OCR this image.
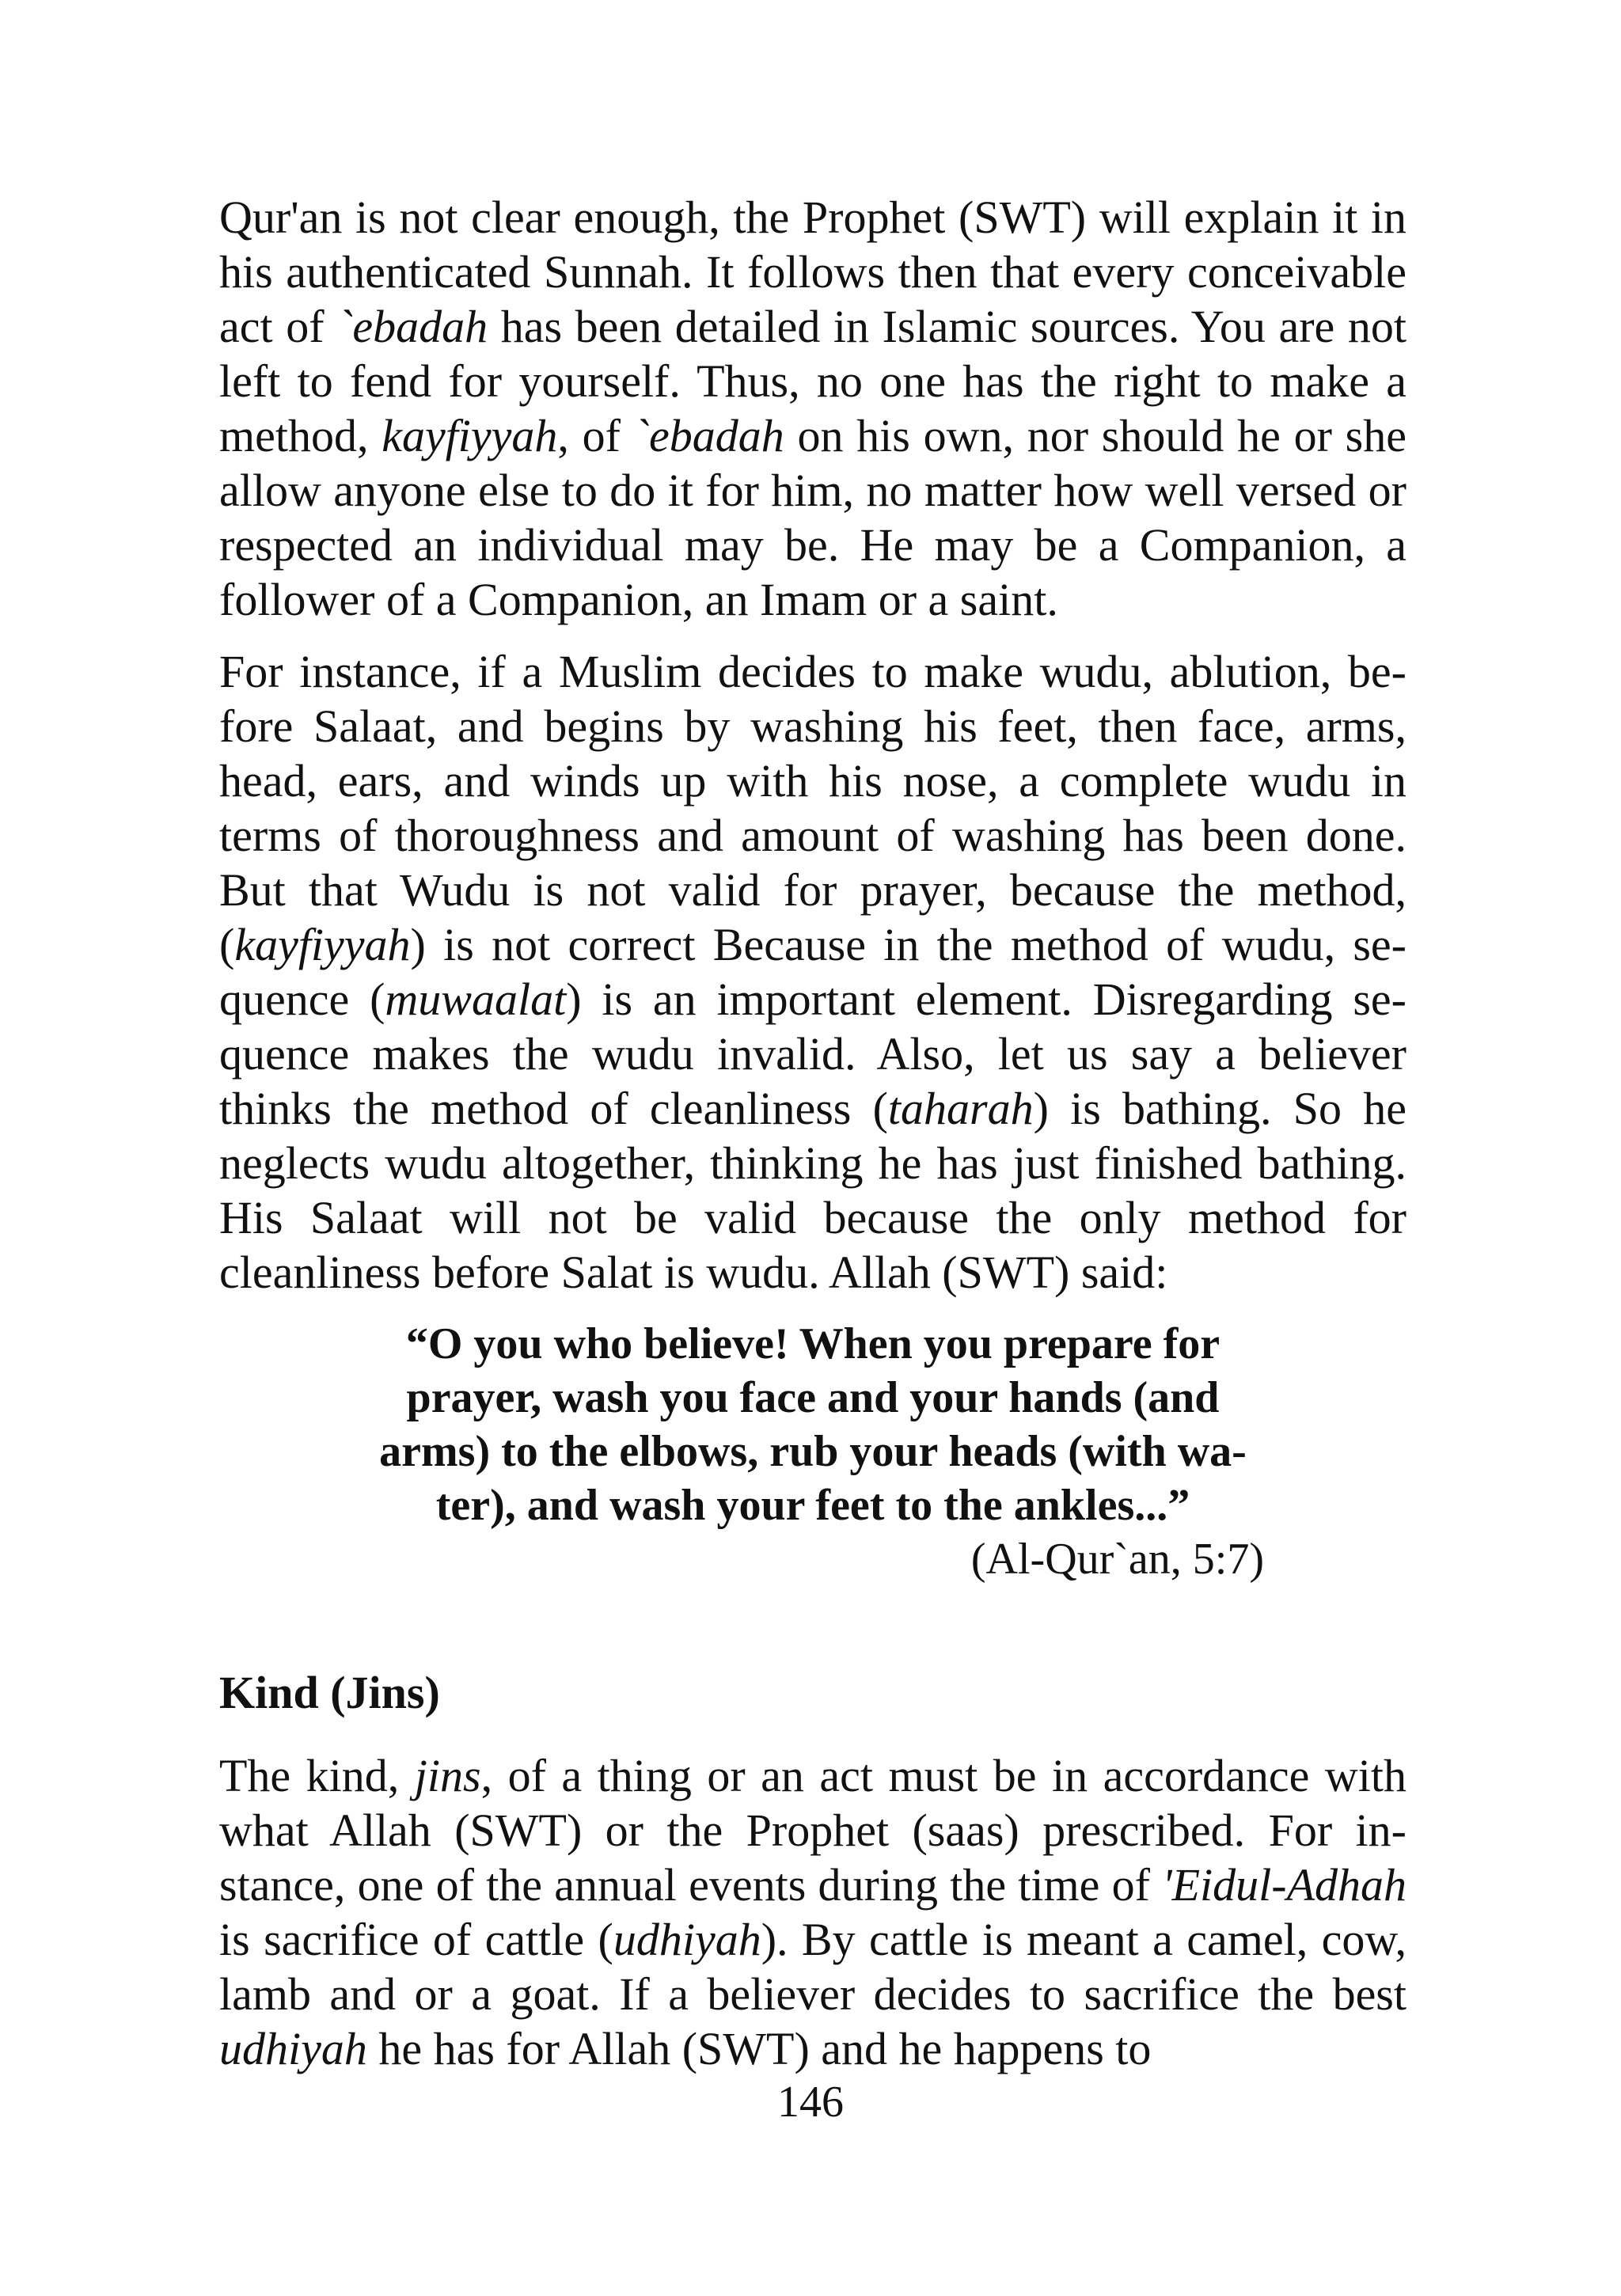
Qur'an is not clear enough, the Prophet (SWT) will explain it in his authenticated Sunnah. It follows then that every conceivable act of `ebadah has been detailed in Islamic sources. You are not left to fend for yourself. Thus, no one has the right to make a method, kayfiyyah, of `ebadah on his own, nor should he or she allow anyone else to do it for him, no matter how well versed or respected an individual may be. He may be a Companion, a follower of a Companion, an Imam or a saint.

For instance, if a Muslim decides to make wudu, ablution, before Salaat, and begins by washing his feet, then face, arms, head, ears, and winds up with his nose, a complete wudu in terms of thoroughness and amount of washing has been done. But that Wudu is not valid for prayer, because the method, (kayfiyyah) is not correct Because in the method of wudu, sequence (muwaalat) is an important element. Disregarding sequence makes the wudu invalid. Also, let us say a believer thinks the method of cleanliness (taharah) is bathing. So he neglects wudu altogether, thinking he has just finished bathing. His Salaat will not be valid because the only method for cleanliness before Salat is wudu. Allah (SWT) said:

“O you who believe! When you prepare for prayer, wash you face and your hands (and arms) to the elbows, rub your heads (with water), and wash your feet to the ankles...”
(Al-Qur`an, 5:7)
Kind (Jins)

The kind, jins, of a thing or an act must be in accordance with what Allah (SWT) or the Prophet (saas) prescribed. For instance, one of the annual events during the time of 'Eidul-Adhah is sacrifice of cattle (udhiyah). By cattle is meant a camel, cow, lamb and or a goat. If a believer decides to sacrifice the best udhiyah he has for Allah (SWT) and he happens to

146
